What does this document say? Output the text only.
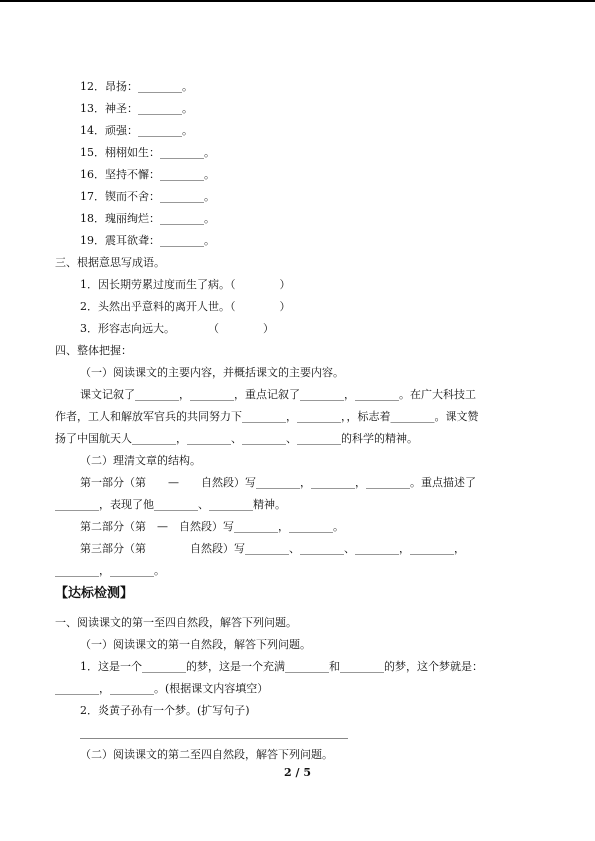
12．昂扬：________。
13．神圣：________。
14．顽强：________。
15．栩栩如生：________。
16．坚持不懈：________。
17．锲而不舍：________。
18．瑰丽绚烂：________。
19．震耳欲聋：________。
三、根据意思写成语。
1．因长期劳累过度而生了病。（　　　　）
2．头然出乎意料的离开人世。（　　　　）
3．形容志向远大。　　　　（　　　　）
四、整体把握：
（一）阅读课文的主要内容，并概括课文的主要内容。
课文记叙了________，________，重点记叙了________，________。在广大科技工
作者，工人和解放军官兵的共同努力下________，________，，标志着________。课文赞
扬了中国航天人________，________、________、________的科学的精神。
（二）理清文章的结构。
第一部分（第　　—　　自然段）写________，________，________。重点描述了
________，表现了他________、________精神。
第二部分（第　—　自然段）写________，________。
第三部分（第　　　　自然段）写________、________、________，________，
________，________。
【达标检测】
一、阅读课文的第一至四自然段，解答下列问题。
（一）阅读课文的第一自然段，解答下列问题。
1．这是一个________的梦，这是一个充满________和________的梦，这个梦就是：
________，________。(根据课文内容填空）
2．炎黄子孙有一个梦。(扩写句子)
（二）阅读课文的第二至四自然段，解答下列问题。
2 / 5
